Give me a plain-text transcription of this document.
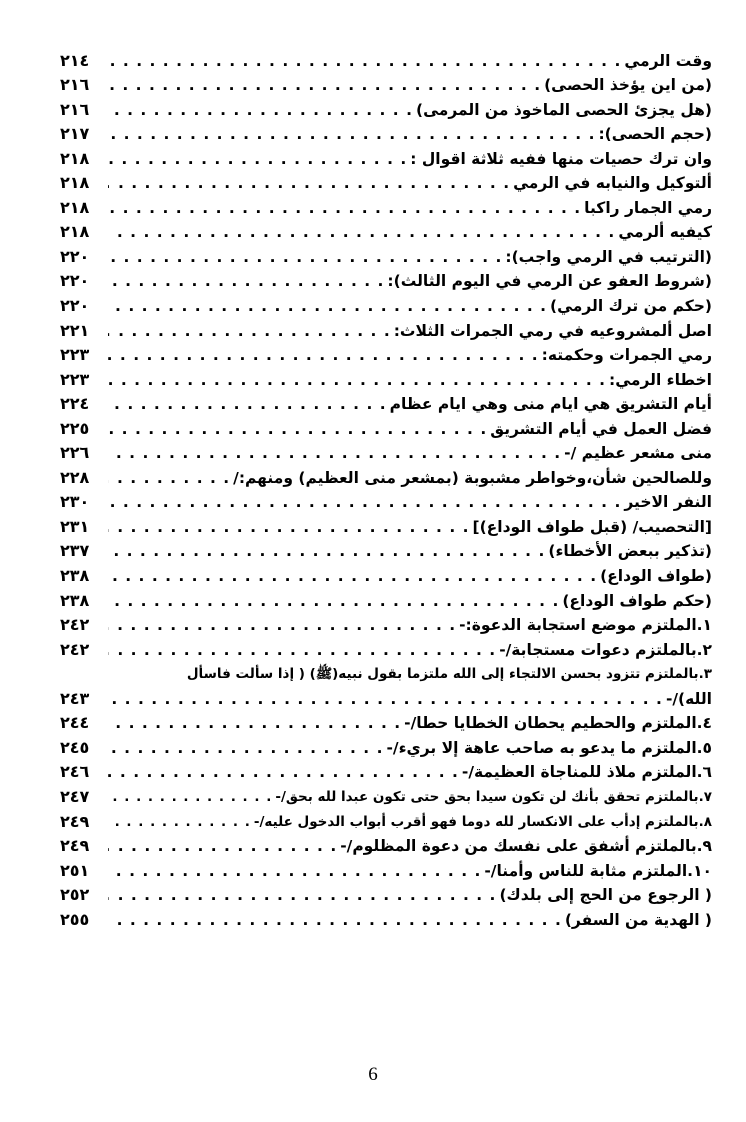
وقت الرمي
. . .
٢١٤
(من اين يؤخذ الحصى)
. . .
٢١٦
(هل يجزئ الحصى الماخوذ من المرمى)
. . .
٢١٦
(حجم الحصى):
. . .
٢١٧
وان ترك حصيات منها ففيه ثلاثة اقوال :
. . .
٢١٨
ألتوكيل والنيابه في الرمي
. . .
٢١٨
رمي الجمار راكبا
. . .
٢١٨
كيفيه ألرمي
. . .
٢١٨
(الترتيب في الرمي واجب):
. . .
٢٢٠
(شروط العفو عن الرمي في اليوم الثالث):
. . .
٢٢٠
(حكم من ترك الرمي)
. . .
٢٢٠
اصل ألمشروعيه في رمي الجمرات الثلاث:
. . .
٢٢١
رمي الجمرات وحكمته:
. . .
٢٢٣
اخطاء الرمي:
. . .
٢٢٣
أيام التشريق هي ايام منى وهي ايام عظام
. . .
٢٢٤
فضل العمل في أيام التشريق
. . .
٢٢٥
منى مشعر عظيم /-
. . .
٢٢٦
وللصالحين شأن،وخواطر مشبوبة (بمشعر منى العظيم) ومنهم:/
. . .
٢٢٨
النفر الاخير
. . .
٢٣٠
[التحصيب/ (قبل طواف الوداع)]
. . .
٢٣١
(تذكير ببعض الأخطاء)
. . .
٢٣٧
(طواف الوداع)
. . .
٢٣٨
(حكم طواف الوداع)
. . .
٢٣٨
١.الملتزم موضع استجابة الدعوة:-
. . .
٢٤٢
٢.بالملتزم دعوات مستجابة/-
. . .
٢٤٢
٣.بالملتزم تتزود بحسن الالتجاء إلى الله ملتزما بقول نبيه(ﷺ) ( إذا سألت فاسأل
الله)/-
. . .
٢٤٣
٤.الملتزم والحطيم يحطان الخطايا حطا/-
. . .
٢٤٤
٥.الملتزم ما يدعو به صاحب عاهة إلا بريء/-
. . .
٢٤٥
٦.الملتزم ملاذ للمناجاة العظيمة/-
. . .
٢٤٦
٧.بالملتزم تحقق بأنك لن تكون سيدا بحق حتى تكون عبدا لله بحق/-
. . .
٢٤٧
٨.بالملتزم إدأب على الانكسار لله دوما فهو أقرب أبواب الدخول عليه/-
. . .
٢٤٩
٩.بالملتزم أشفق على نفسك من دعوة المظلوم/-
. . .
٢٤٩
١٠.الملتزم مثابة للناس وأمنا/-
. . .
٢٥١
( الرجوع من الحج إلى بلدك)
. . .
٢٥٢
( الهدية من السفر)
. . .
٢٥٥
6
